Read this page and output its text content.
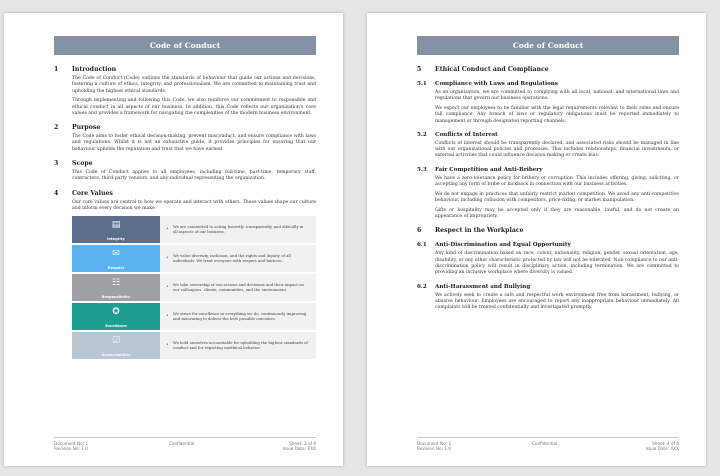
Code of Conduct
1	Introduction

The Code of Conduct (Code) outlines the standards of behaviour that guide our actions and decisions, fostering a culture of ethics, integrity, and professionalism. We are committed to maintaining trust and upholding the highest ethical standards.

Through implementing and following this Code, we also reinforce our commitment to responsible and ethical conduct in all aspects of our business. In addition, this Code reflects our organization's core values and provides a framework for navigating the complexities of the modern business environment.

2	Purpose

The Code aims to foster ethical decision-making, prevent misconduct, and ensure compliance with laws and regulations. Whilst it is not an exhaustive guide, it provides principles for ensuring that our behaviour upholds the reputation and trust that we have earned.

3	Scope

This Code of Conduct applies to all employees, including full-time, part-time, temporary staff, contractors, third-party vendors, and any individual representing the organization.

4	Core Values

Our core values are central to how we operate and interact with others. These values shape our culture and inform every decision we make.

▤
Integrity
•
We are committed to acting honestly, transparently, and ethically in all aspects of our business.
✉
Respect
•
We value diversity, inclusion, and the rights and dignity of all individuals. We treat everyone with respect and fairness.
☷
Responsibility
•
We take ownership of our actions and decisions and their impact on our colleagues, clients, communities, and the environment.
✪
Excellence
•
We strive for excellence in everything we do, continuously improving and innovating to deliver the best possible outcomes.
☑
Accountability
•
We hold ourselves accountable for upholding the highest standards of conduct and for reporting unethical behavior.
Document No: 1
Revision No: 1.0
Confidential	Sheet: 3 of 6
Issue Date: XXX
Code of Conduct
5	Ethical Conduct and Compliance
5.1	Compliance with Laws and Regulations

As an organization, we are committed to complying with all local, national, and international laws and regulations that govern our business operations.

We expect our employees to be familiar with the legal requirements relevant to their roles and ensure full compliance. Any breach of laws or regulatory obligations must be reported immediately to management or through designated reporting channels.

5.2	Conflicts of Interest

Conflicts of interest should be transparently declared, and associated risks should be managed in line with our organizational policies and processes. This includes relationships, financial investments, or external activities that could influence decision-making or create bias.

5.3	Fair Competition and Anti-Bribery

We have a zero-tolerance policy for bribery or corruption. This includes offering, giving, soliciting, or accepting any form of bribe or kickback in connection with our business activities.

We do not engage in practices that unfairly restrict market competition. We avoid any anti-competitive behaviour, including collusion with competitors, price-fixing, or market manipulation.

Gifts or hospitality may be accepted only if they are reasonable, lawful, and do not create an appearance of impropriety.

6	Respect in the Workplace
6.1	Anti-Discrimination and Equal Opportunity

Any kind of discrimination based on race, colour, nationality, religion, gender, sexual orientation, age, disability, or any other characteristic protected by law will not be tolerated. Non-compliance to our anti-discrimination policy will result in disciplinary action, including termination. We are committed to providing an inclusive workplace where diversity is valued.

6.2	Anti-Harassment and Bullying

We actively seek to create a safe and respectful work environment free from harassment, bullying, or abusive behaviour. Employees are encouraged to report any inappropriate behaviour immediately. All complaints will be treated confidentially and investigated promptly.

Document No: 1
Revision No: 1.0
Confidential	Sheet: 4 of 6
Issue Date: XXX
